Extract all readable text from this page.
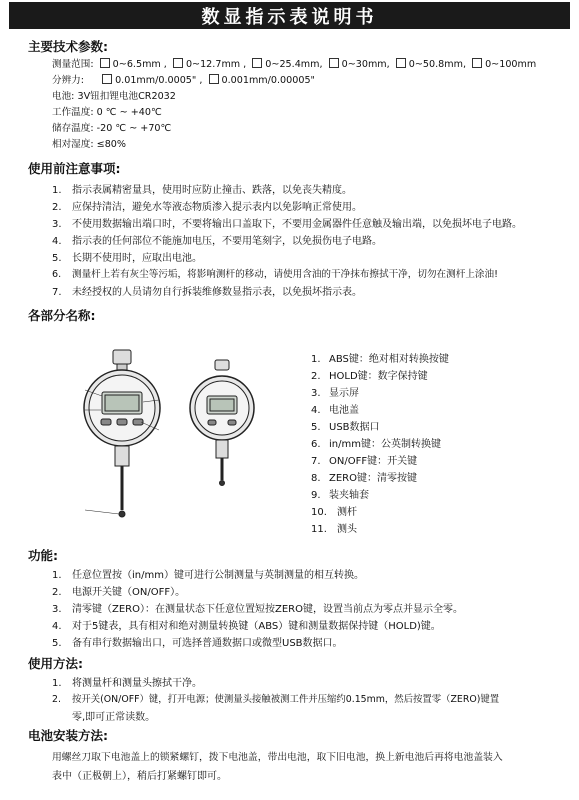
数显指示表说明书
主要技术参数:
测量范围: 0~6.5mm , 0~12.7mm , 0~25.4mm, 0~30mm, 0~50.8mm, 0~100mm
分辨力:	0.01mm/0.0005" , 0.001mm/0.00005"
电池: 3V钮扣锂电池CR2032
工作温度: 0 ℃ ~ +40℃
储存温度: -20 ℃ ~ +70℃
相对湿度: ≤80%
使用前注意事项:
1. 指示表属精密量具，使用时应防止撞击、跌落，以免丧失精度。
2. 应保持清洁，避免水等液态物质渗入提示表内以免影响正常使用。
3. 不使用数据输出端口时，不要将输出口盖取下，不要用金属器件任意触及输出端，以免损坏电子电路。
4. 指示表的任何部位不能施加电压，不要用笔刻字，以免损伤电子电路。
5. 长期不使用时，应取出电池。
6. 测量杆上若有灰尘等污垢，将影响测杆的移动，请使用含油的干净抹布擦拭干净，切勿在测杆上涂油!
7. 未经授权的人员请勿自行拆装维修数显指示表，以免损坏指示表。
各部分名称:
1. ABS键：绝对相对转换按键
2. HOLD键：数字保持键
3. 显示屏
4. 电池盖
5. USB数据口
6. in/mm键：公英制转换键
7. ON/OFF键：开关键
8. ZERO键：清零按键
9. 装夹轴套
10. 测杆
11. 测头
功能:
1. 任意位置按（in/mm）键可进行公制测量与英制测量的相互转换。
2. 电源开关键（ON/OFF）。
3. 清零键（ZERO）：在测量状态下任意位置短按ZERO键，设置当前点为零点并显示全零。
4. 对于5键表，具有相对和绝对测量转换键（ABS）键和测量数据保持键（HOLD)键。
5. 备有串行数据输出口，可选择普通数据口或微型USB数据口。
使用方法:
1. 将测量杆和测量头擦拭干净。
2. 按开关(ON/OFF）键，打开电源；使测量头接触被测工件并压缩约0.15mm，然后按置零（ZERO)键置
零,即可正常读数。
电池安装方法:
用螺丝刀取下电池盖上的锁紧螺钉，拨下电池盖，带出电池，取下旧电池，换上新电池后再将电池盖装入
表中（正极朝上），稍后打紧螺钉即可。
